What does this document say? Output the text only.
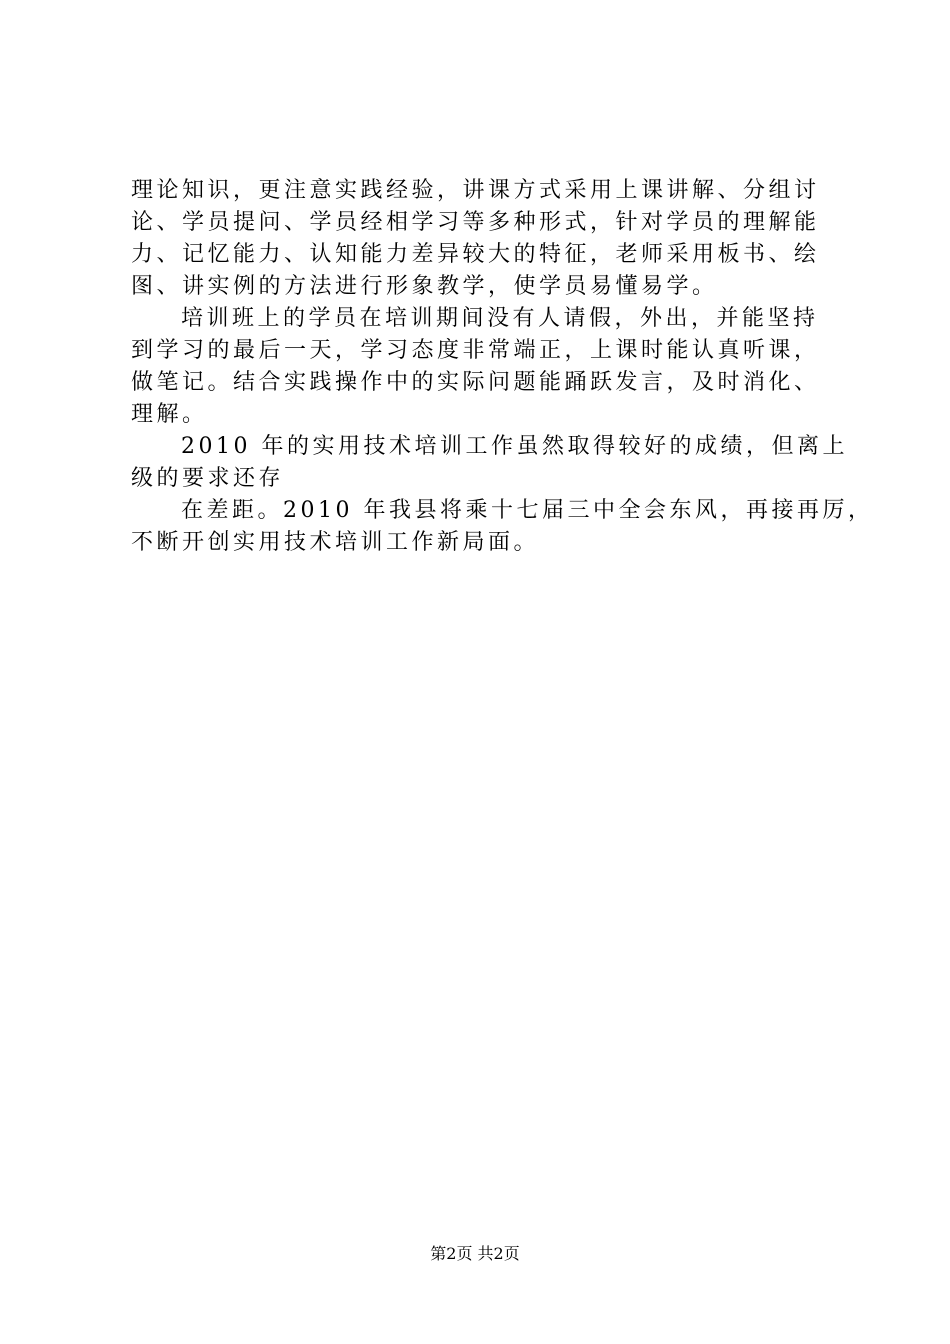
理论知识，更注意实践经验，讲课方式采用上课讲解、分组讨
论、学员提问、学员经相学习等多种形式，针对学员的理解能
力、记忆能力、认知能力差异较大的特征，老师采用板书、绘
图、讲实例的方法进行形象教学，使学员易懂易学。
培训班上的学员在培训期间没有人请假，外出，并能坚持
到学习的最后一天，学习态度非常端正，上课时能认真听课，
做笔记。结合实践操作中的实际问题能踊跃发言，及时消化、
理解。
2010 年的实用技术培训工作虽然取得较好的成绩，但离上
级的要求还存
在差距。2010 年我县将乘十七届三中全会东风，再接再厉，
不断开创实用技术培训工作新局面。
第2页 共2页
